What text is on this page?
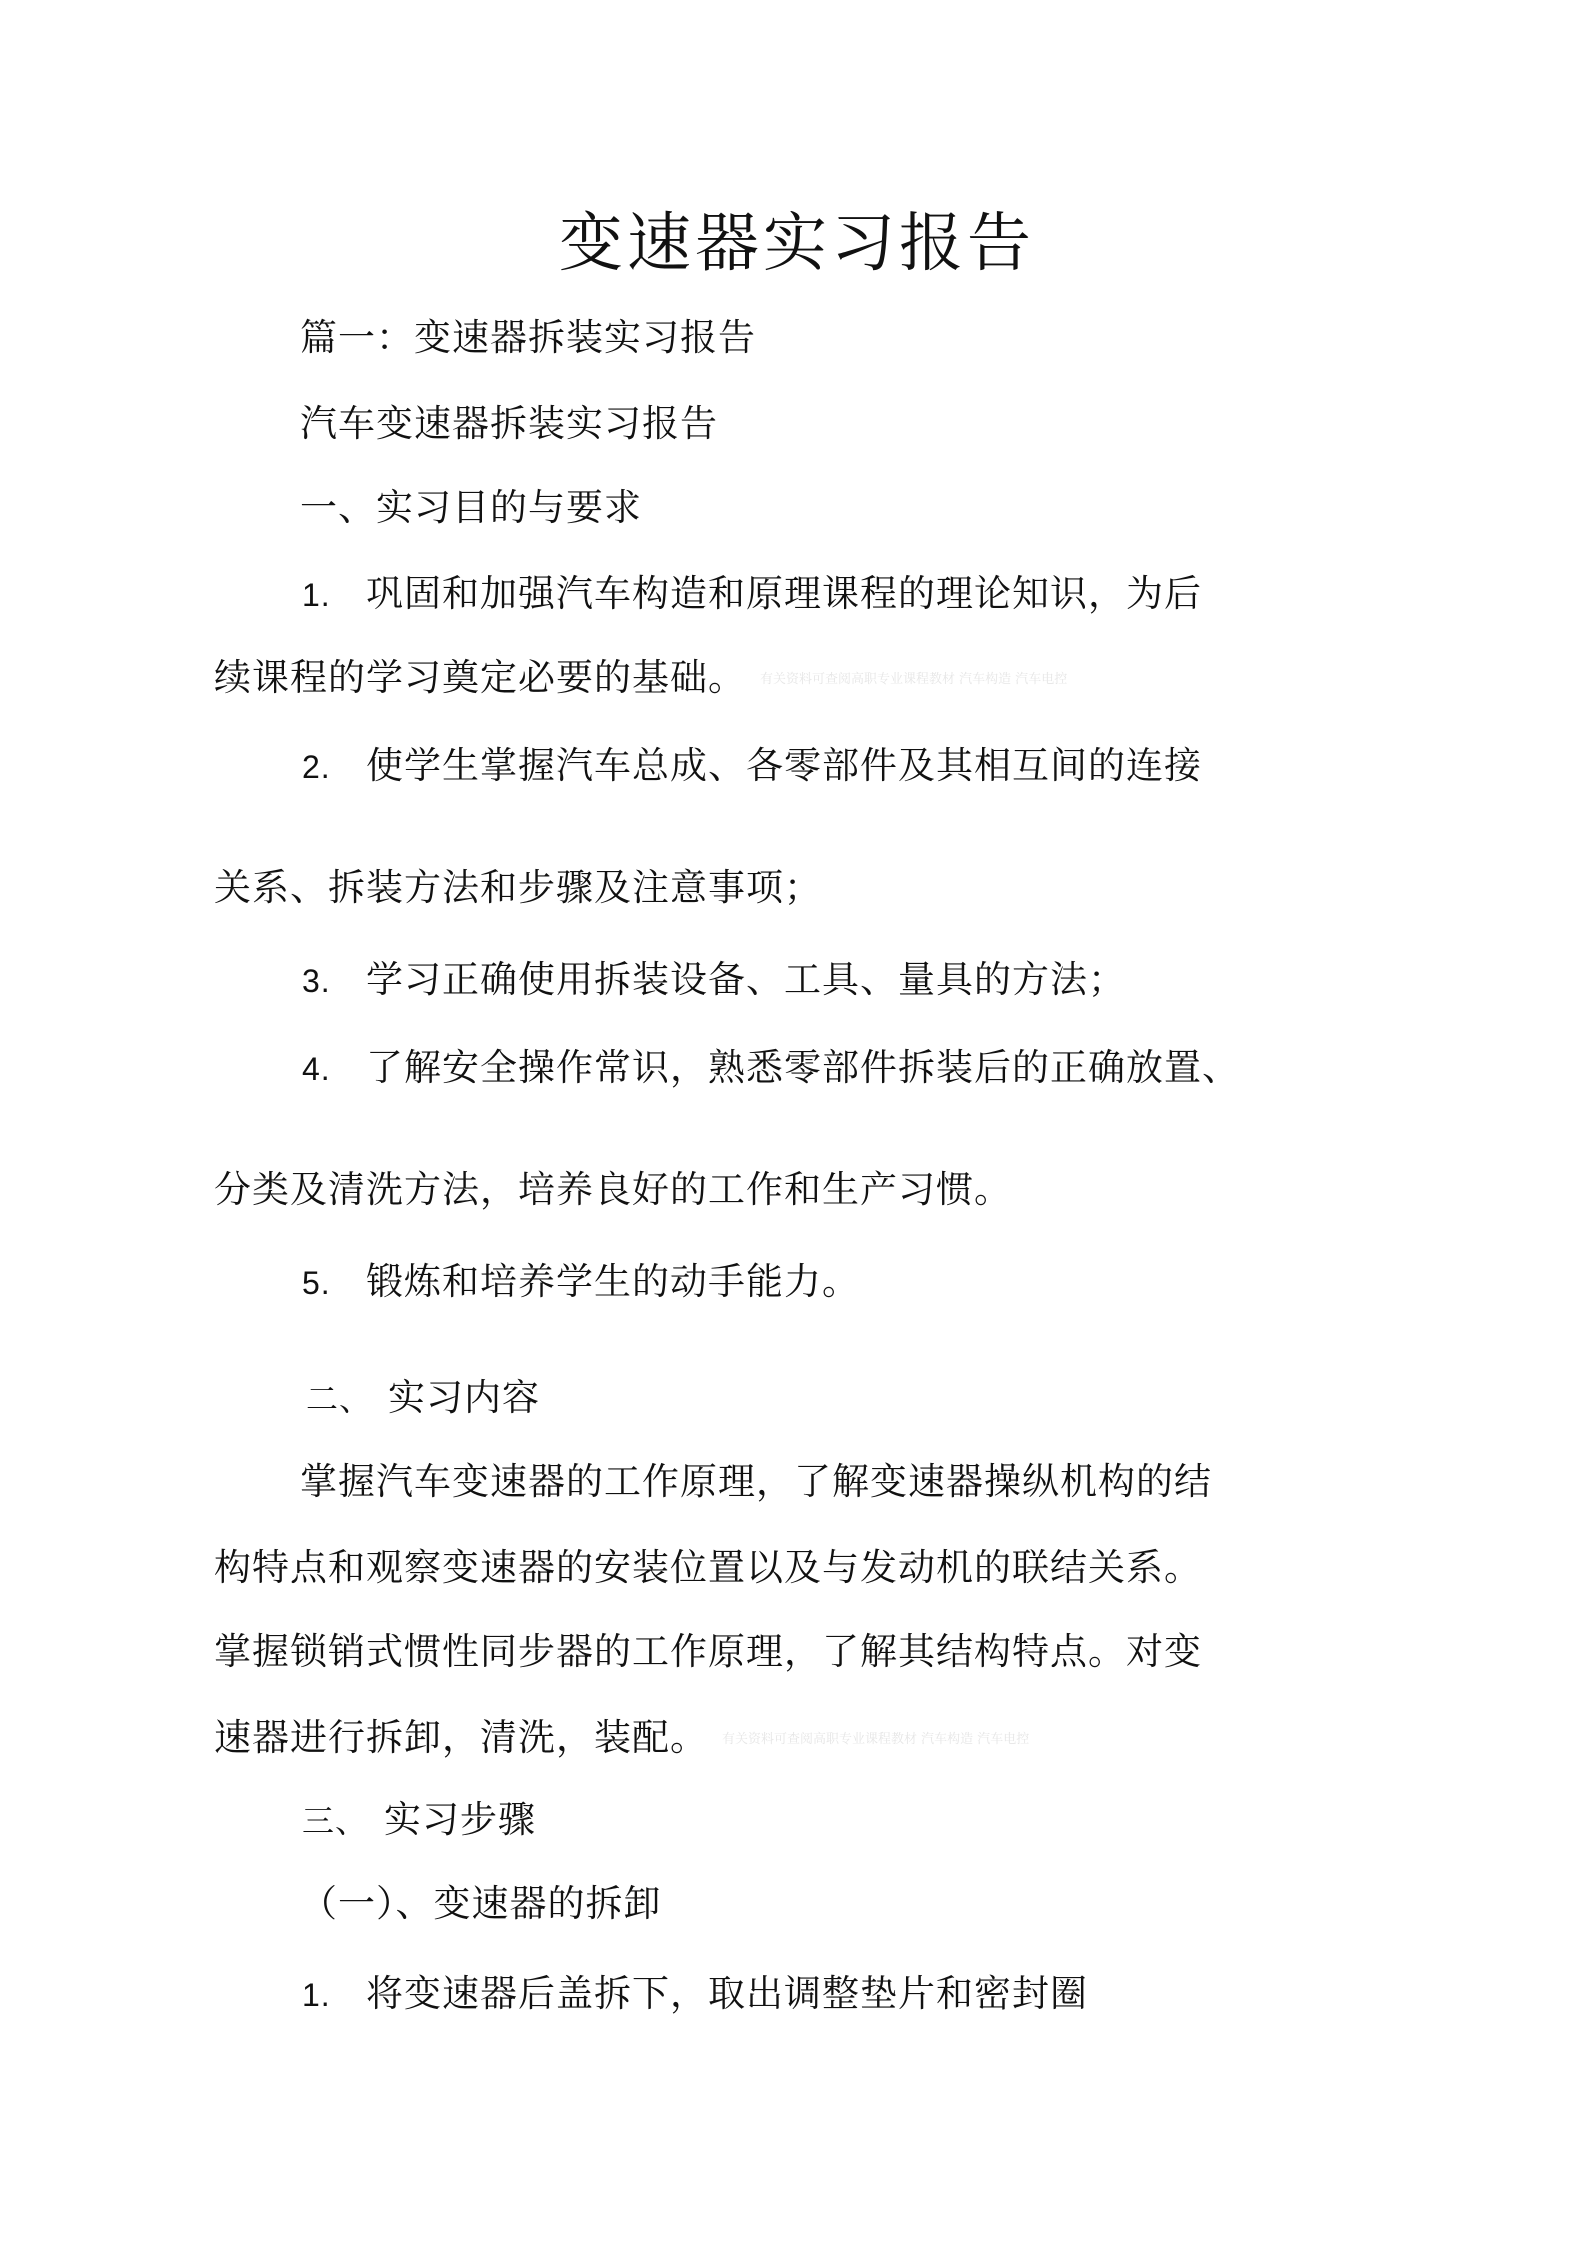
变速器实习报告
篇一：变速器拆装实习报告
汽车变速器拆装实习报告
一、实习目的与要求
1. 巩固和加强汽车构造和原理课程的理论知识，为后
续课程的学习奠定必要的基础。 有关资料可查阅高职专业课程教材 汽车构造 汽车电控
2. 使学生掌握汽车总成、各零部件及其相互间的连接
关系、拆装方法和步骤及注意事项；
3. 学习正确使用拆装设备、工具、量具的方法；
4. 了解安全操作常识，熟悉零部件拆装后的正确放置、
分类及清洗方法，培养良好的工作和生产习惯。
5. 锻炼和培养学生的动手能力。
二、 实习内容
掌握汽车变速器的工作原理，了解变速器操纵机构的结
构特点和观察变速器的安装位置以及与发动机的联结关系。
掌握锁销式惯性同步器的工作原理，了解其结构特点。对变
速器进行拆卸，清洗，装配。 有关资料可查阅高职专业课程教材 汽车构造 汽车电控
三、 实习步骤
（一）、变速器的拆卸
1. 将变速器后盖拆下，取出调整垫片和密封圈
